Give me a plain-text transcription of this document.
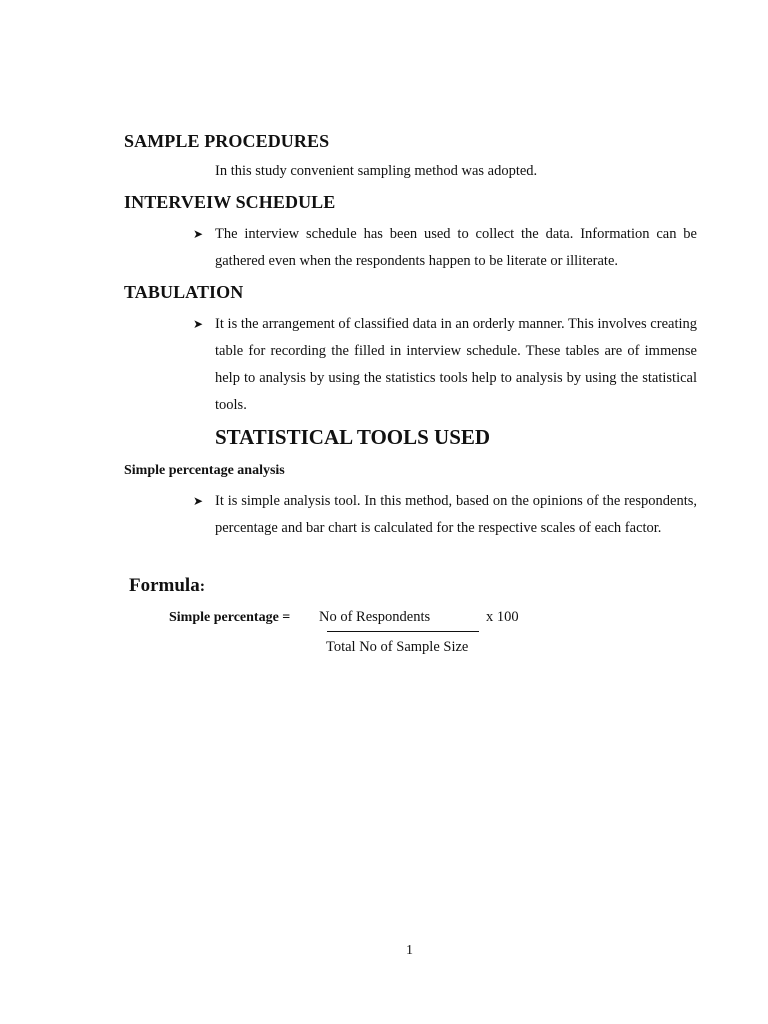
SAMPLE PROCEDURES
In this study convenient sampling method was adopted.
INTERVEIW SCHEDULE
➤ The interview schedule has been used to collect the data. Information can be gathered even when the respondents happen to be literate or illiterate.
TABULATION
➤ It is the arrangement of classified data in an orderly manner. This involves creating table for recording the filled in interview schedule. These tables are of immense help to analysis by using the statistics tools help to analysis by using the statistical tools.
STATISTICAL TOOLS USED
Simple percentage analysis
➤ It is simple analysis tool. In this method, based on the opinions of the respondents, percentage and bar chart is calculated for the respective scales of each factor.
Formula:
Simple percentage = No of Respondents	x 100
Total No of Sample Size
1
